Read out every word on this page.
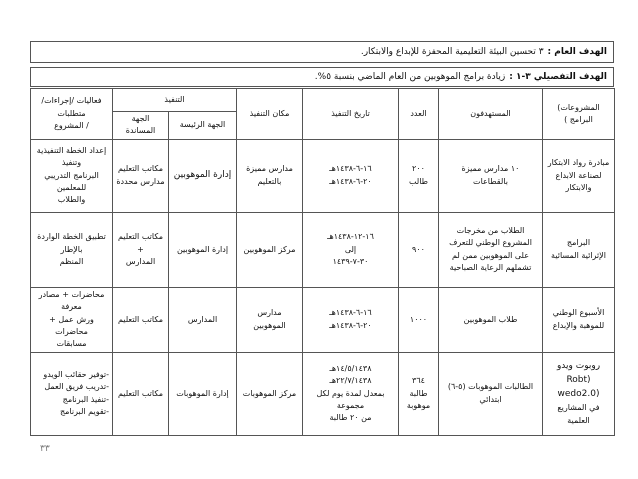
الهدف العام :
٣ تحسين البيئة التعليمية المحفزة للإبداع والابتكار.
الهدف التفصيلي ٣-١ :
زيادة برامج الموهوبين من العام الماضي بنسبة ٥%.
المشروعات)
البرامج )	المستهدفون	العدد	تاريخ التنفيذ	مكان التنفيذ	التنفيذ		فعاليات /إجراءات/ متطلبات
/ المشروع

					الجهة الرئيسة	الجهة المساندة	

مبادرة رواد الابتكار
لصناعة الابداع
والابتكار	١٠ مدارس مميزة
بالقطاعات	٢٠٠
طالب	١٦-٦-١٤٣٨هـ
٢٠-٦-١٤٣٨هـ	مدارس مميزة
بالتعليم	إدارة الموهوبين	مكاتب التعليم
مدارس محددة	إعداد الخطة التنفيذية وتنفيذ
البرنامج التدريبي للمعلمين
والطلاب

البرامج
الإثرائية المسائية	الطلاب من مخرجات
المشروع الوطني للتعرف
على الموهوبين ممن لم
تشملهم الرعاية الصباحية	٩٠٠	١٦-١٢-١٤٣٨هـ
إلى
٣٠-٧-١٤٣٩	مركز الموهوبين	إدارة الموهوبين	مكاتب التعليم
+
المدارس	تطبيق الخطة الواردة بالإطار
المنظم

الأسبوع الوطني
للموهبة والإبداع	طلاب الموهوبين	١٠٠٠	١٦-٦-١٤٣٨هـ
٢٠-٦-١٤٣٨هـ	مدارس الموهوبين	المدارس	مكاتب التعليم	محاضرات + مصادر معرفة
ورش عمل + محاضرات
مسابقات

روبوت ويدو (Robt
(wedo2.0
في المشاريع العلمية	الطالبات الموهوبات (٥-٦)
ابتدائي	٣٦٤
طالبة
موهوبة	١٤/٥/١٤٣٨هـ
٢٢/٧/١٤٣٨هـ
بمعدل لمدة يوم لكل مجموعة
من ٢٠ طالبة	مركز الموهوبات	إدارة الموهوبات	مكاتب التعليم	-توفير حقائب الويدو
-تدريب فريق العمل
-تنفيذ البرنامج
-تقويم البرنامج
٣٣
